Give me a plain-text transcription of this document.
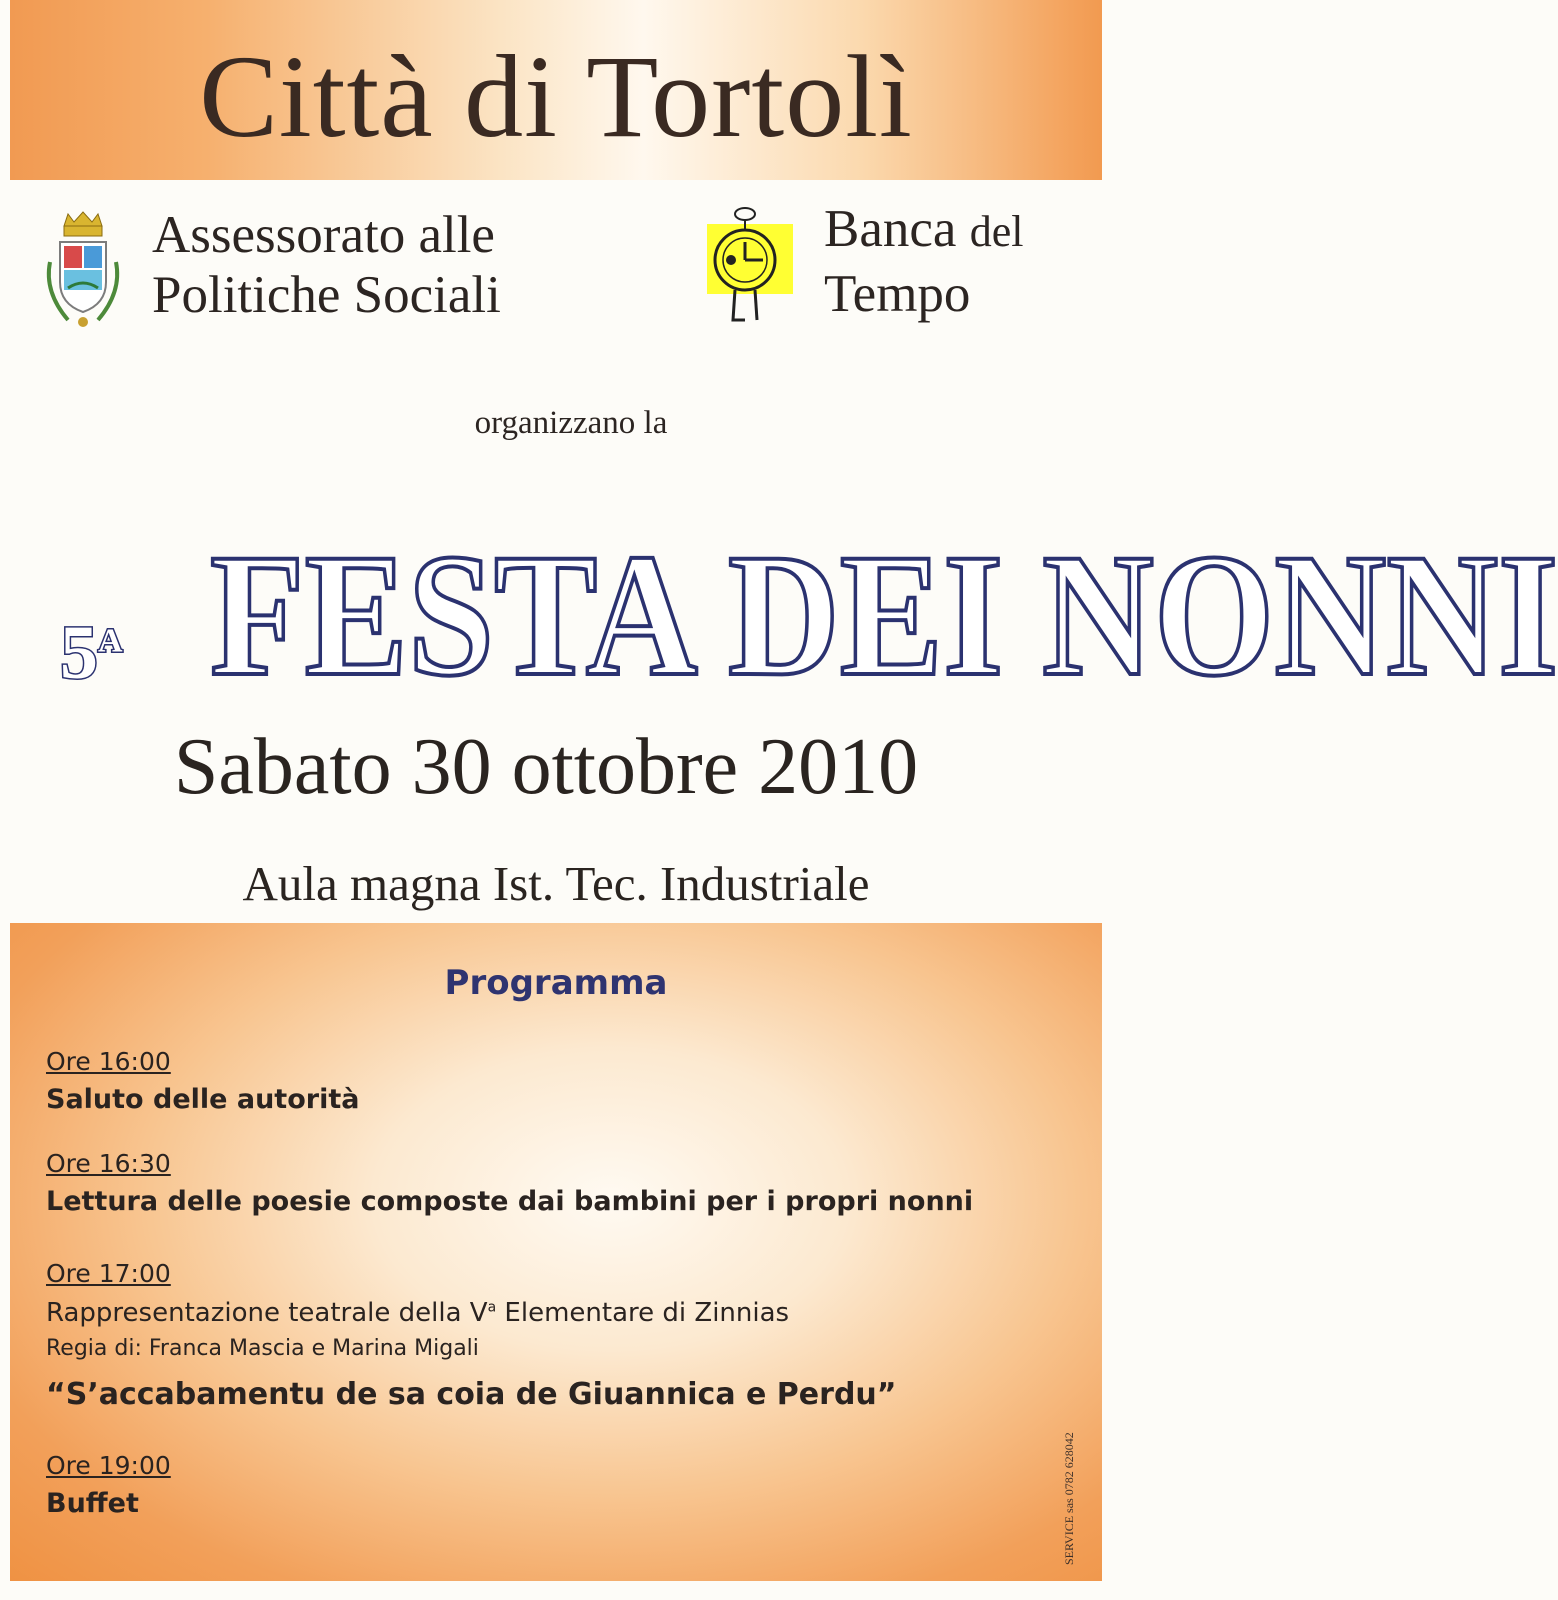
Città di Tortolì
Assessorato alle
Politiche Sociali
Banca del
Tempo
organizzano la
$5^A$ FESTA DEI NONNI
Sabato 30 ottobre 2010
Aula magna Ist. Tec. Industriale
Programma
Ore 16:00
Saluto delle autorità
Ore 16:30
Lettura delle poesie composte dai bambini per i propri nonni
Ore 17:00
Rappresentazione teatrale della $V^a$ Elementare di Zinnias
Regia di: Franca Mascia e Marina Migali
“S’accabamentu de sa coia de Giuannica e Perdu”
Ore 19:00
Buffet	SERVICE sas 0782 628042
